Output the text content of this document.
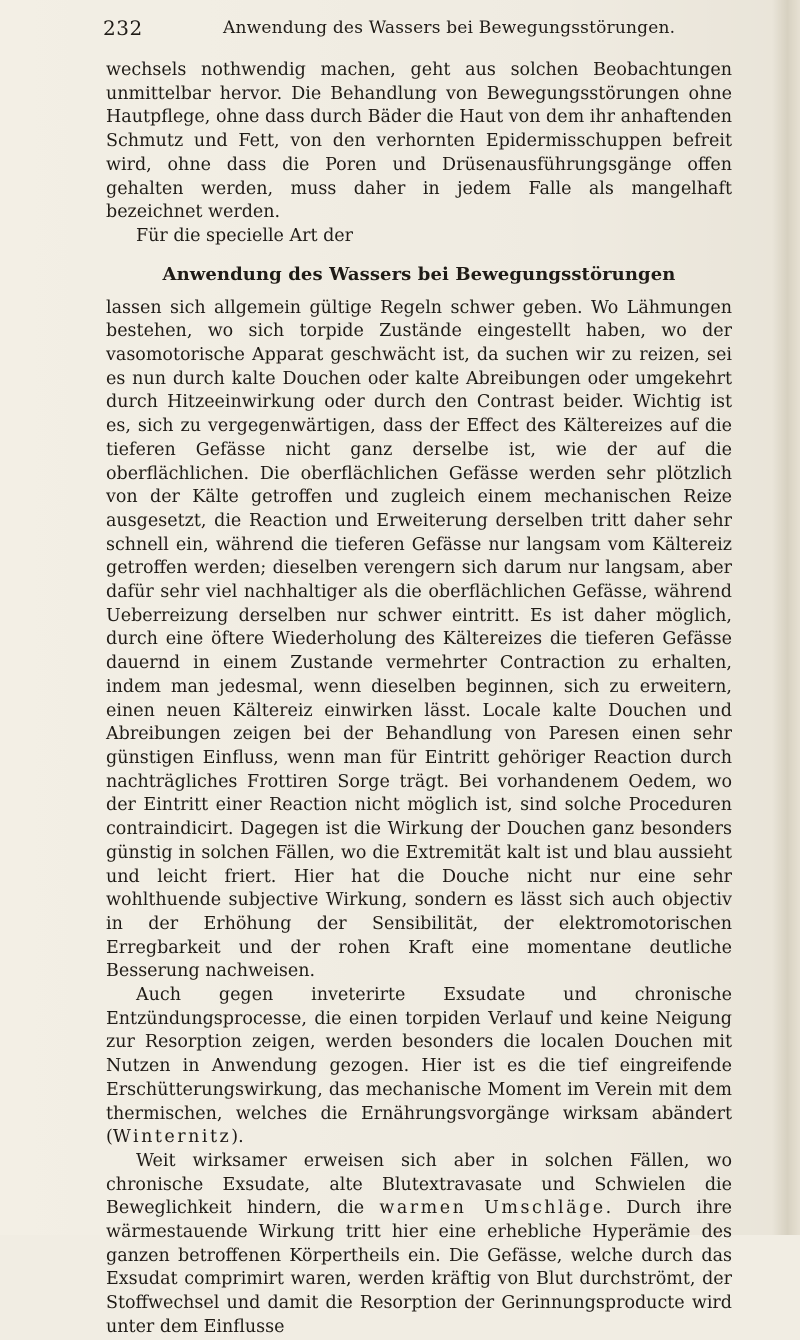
232	Anwendung des Wassers bei Bewegungsstörungen.

wechsels nothwendig machen, geht aus solchen Beobachtungen unmittelbar hervor. Die Behandlung von Bewegungsstörungen ohne Hautpflege, ohne dass durch Bäder die Haut von dem ihr anhaftenden Schmutz und Fett, von den verhornten Epidermisschuppen befreit wird, ohne dass die Poren und Drüsenausführungsgänge offen gehalten werden, muss daher in jedem Falle als mangelhaft bezeichnet werden.

Für die specielle Art der

Anwendung des Wassers bei Bewegungsstörungen

lassen sich allgemein gültige Regeln schwer geben. Wo Lähmungen bestehen, wo sich torpide Zustände eingestellt haben, wo der vasomotorische Apparat geschwächt ist, da suchen wir zu reizen, sei es nun durch kalte Douchen oder kalte Abreibungen oder umgekehrt durch Hitzeeinwirkung oder durch den Contrast beider. Wichtig ist es, sich zu vergegenwärtigen, dass der Effect des Kältereizes auf die tieferen Gefässe nicht ganz derselbe ist, wie der auf die oberflächlichen. Die oberflächlichen Gefässe werden sehr plötzlich von der Kälte getroffen und zugleich einem mechanischen Reize ausgesetzt, die Reaction und Erweiterung derselben tritt daher sehr schnell ein, während die tieferen Gefässe nur langsam vom Kältereiz getroffen werden; dieselben verengern sich darum nur langsam, aber dafür sehr viel nachhaltiger als die oberflächlichen Gefässe, während Ueberreizung derselben nur schwer eintritt. Es ist daher möglich, durch eine öftere Wiederholung des Kältereizes die tieferen Gefässe dauernd in einem Zustande vermehrter Contraction zu erhalten, indem man jedesmal, wenn dieselben beginnen, sich zu erweitern, einen neuen Kältereiz einwirken lässt. Locale kalte Douchen und Abreibungen zeigen bei der Behandlung von Paresen einen sehr günstigen Einfluss, wenn man für Eintritt gehöriger Reaction durch nachträgliches Frottiren Sorge trägt. Bei vorhandenem Oedem, wo der Eintritt einer Reaction nicht möglich ist, sind solche Proceduren contraindicirt. Dagegen ist die Wirkung der Douchen ganz besonders günstig in solchen Fällen, wo die Extremität kalt ist und blau aussieht und leicht friert. Hier hat die Douche nicht nur eine sehr wohlthuende subjective Wirkung, sondern es lässt sich auch objectiv in der Erhöhung der Sensibilität, der elektromotorischen Erregbarkeit und der rohen Kraft eine momentane deutliche Besserung nachweisen.

Auch gegen inveterirte Exsudate und chronische Entzündungsprocesse, die einen torpiden Verlauf und keine Neigung zur Resorption zeigen, werden besonders die localen Douchen mit Nutzen in Anwendung gezogen. Hier ist es die tief eingreifende Erschütterungswirkung, das mechanische Moment im Verein mit dem thermischen, welches die Ernährungsvorgänge wirksam abändert (Winternitz).

Weit wirksamer erweisen sich aber in solchen Fällen, wo chronische Exsudate, alte Blutextravasate und Schwielen die Beweglichkeit hindern, die warmen Umschläge. Durch ihre wärmestauende Wirkung tritt hier eine erhebliche Hyperämie des ganzen betroffenen Körpertheils ein. Die Gefässe, welche durch das Exsudat comprimirt waren, werden kräftig von Blut durchströmt, der Stoffwechsel und damit die Resorption der Gerinnungsproducte wird unter dem Einflusse
